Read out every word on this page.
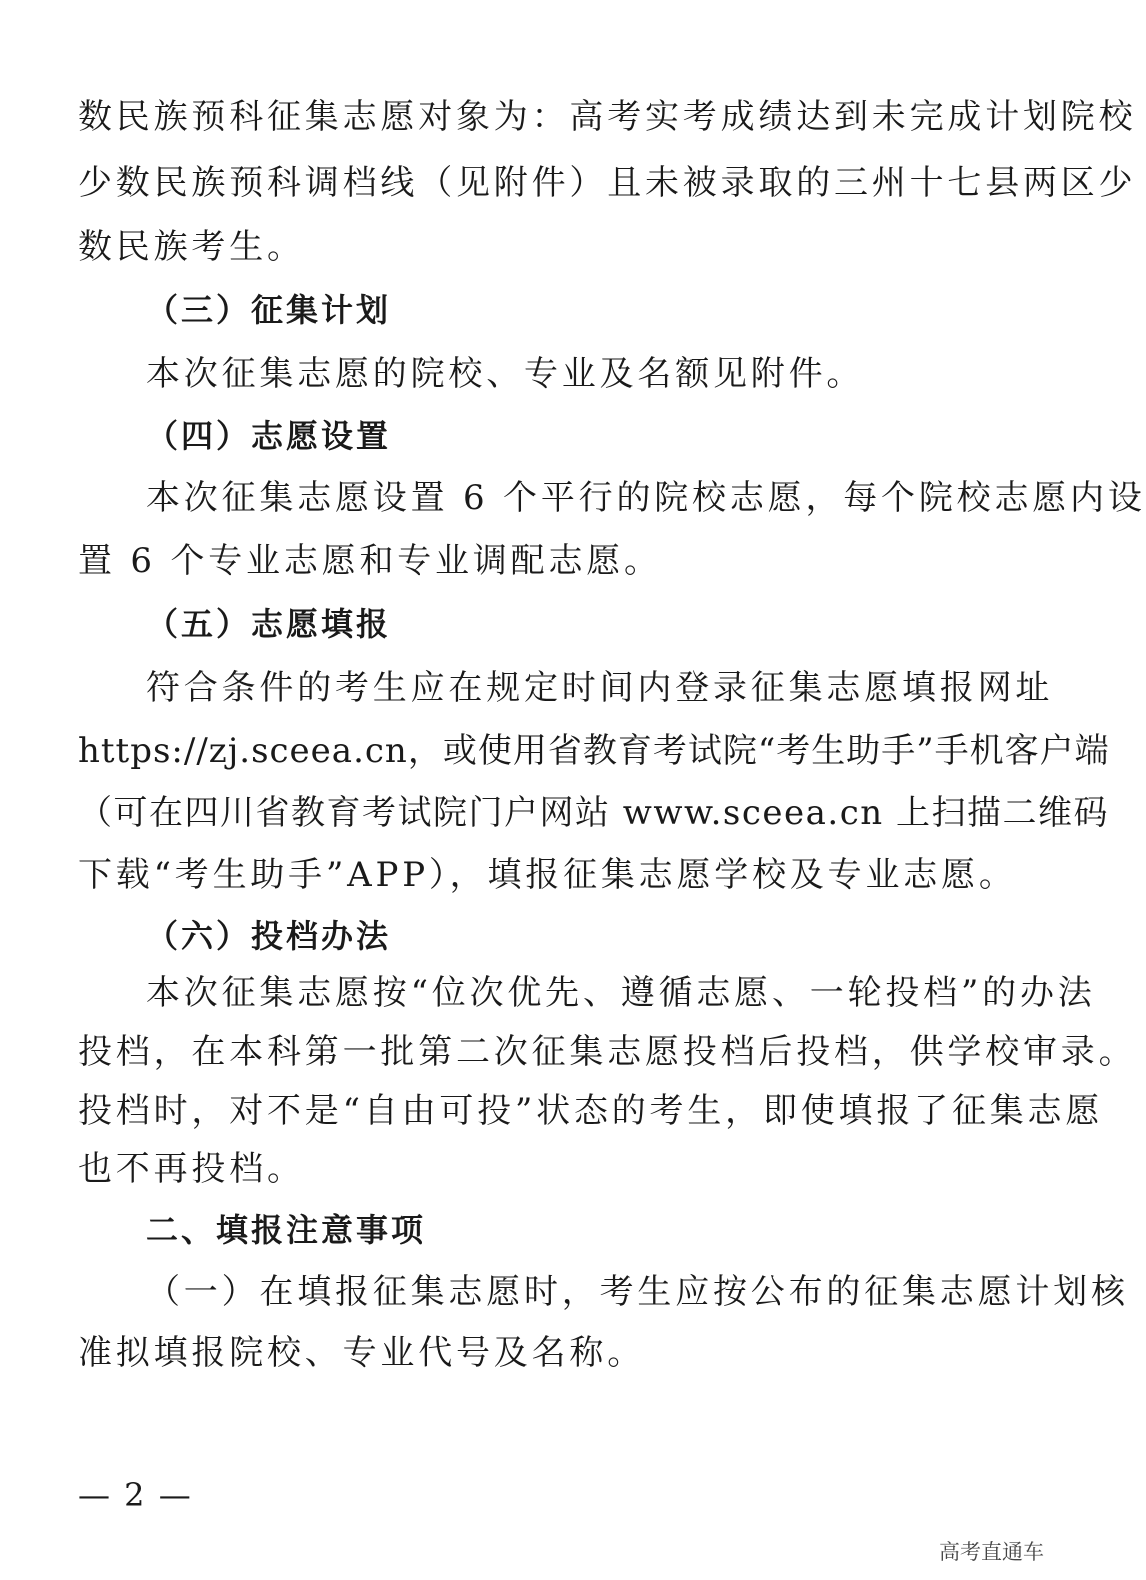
数民族预科征集志愿对象为：高考实考成绩达到未完成计划院校
少数民族预科调档线（见附件）且未被录取的三州十七县两区少
数民族考生。
（三）征集计划
本次征集志愿的院校、专业及名额见附件。
（四）志愿设置
本次征集志愿设置 6 个平行的院校志愿，每个院校志愿内设
置 6 个专业志愿和专业调配志愿。
（五）志愿填报
符合条件的考生应在规定时间内登录征集志愿填报网址
https://zj.sceea.cn，或使用省教育考试院“考生助手”手机客户端
（可在四川省教育考试院门户网站 www.sceea.cn 上扫描二维码
下载“考生助手”APP），填报征集志愿学校及专业志愿。
（六）投档办法
本次征集志愿按“位次优先、遵循志愿、一轮投档”的办法
投档，在本科第一批第二次征集志愿投档后投档，供学校审录。
投档时，对不是“自由可投”状态的考生，即使填报了征集志愿
也不再投档。
二、填报注意事项
（一）在填报征集志愿时，考生应按公布的征集志愿计划核
准拟填报院校、专业代号及名称。
— 2 —
高考直通车
